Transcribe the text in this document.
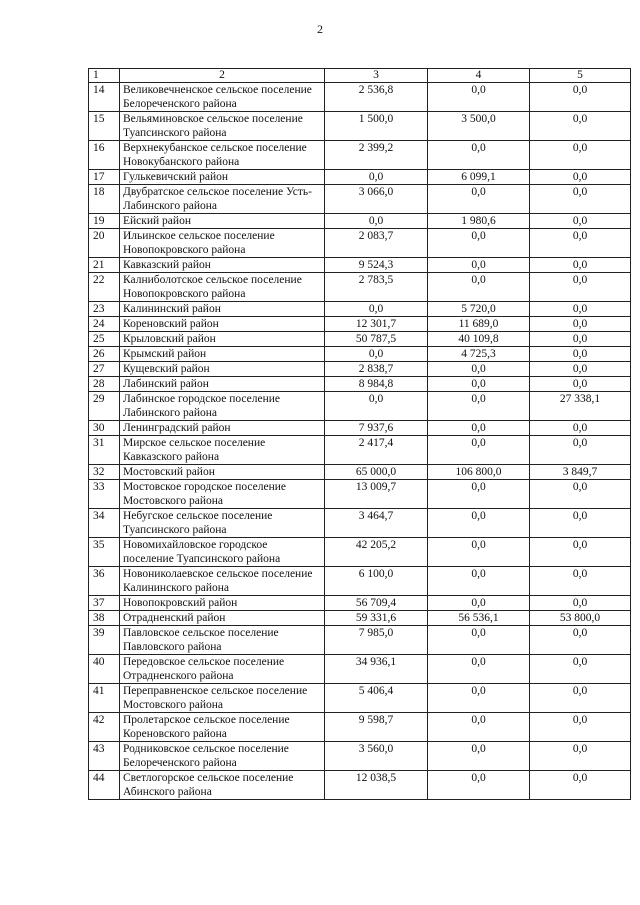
2
1	2	3	4	5
14	Великовечненское сельское поселение Белореченского района	2 536,8	0,0	0,0
15	Вельяминовское сельское поселение Туапсинского района	1 500,0	3 500,0	0,0
16	Верхнекубанское сельское поселение Новокубанского района	2 399,2	0,0	0,0
17	Гулькевичский район	0,0	6 099,1	0,0
18	Двубратское сельское поселение Усть-Лабинского района	3 066,0	0,0	0,0
19	Ейский район	0,0	1 980,6	0,0
20	Ильинское сельское поселение Новопокровского района	2 083,7	0,0	0,0
21	Кавказский район	9 524,3	0,0	0,0
22	Калниболотское сельское поселение Новопокровского района	2 783,5	0,0	0,0
23	Калининский район	0,0	5 720,0	0,0
24	Кореновский район	12 301,7	11 689,0	0,0
25	Крыловский район	50 787,5	40 109,8	0,0
26	Крымский район	0,0	4 725,3	0,0
27	Кущевский район	2 838,7	0,0	0,0
28	Лабинский район	8 984,8	0,0	0,0
29	Лабинское городское поселение Лабинского района	0,0	0,0	27 338,1
30	Ленинградский район	7 937,6	0,0	0,0
31	Мирское сельское поселение Кавказского района	2 417,4	0,0	0,0
32	Мостовский район	65 000,0	106 800,0	3 849,7
33	Мостовское городское поселение Мостовского района	13 009,7	0,0	0,0
34	Небугское сельское поселение Туапсинского района	3 464,7	0,0	0,0
35	Новомихайловское городское поселение Туапсинского района	42 205,2	0,0	0,0
36	Новониколаевское сельское поселение Калининского района	6 100,0	0,0	0,0
37	Новопокровский район	56 709,4	0,0	0,0
38	Отрадненский район	59 331,6	56 536,1	53 800,0
39	Павловское сельское поселение Павловского района	7 985,0	0,0	0,0
40	Передовское сельское поселение Отрадненского района	34 936,1	0,0	0,0
41	Переправненское сельское поселение Мостовского района	5 406,4	0,0	0,0
42	Пролетарское сельское поселение Кореновского района	9 598,7	0,0	0,0
43	Родниковское сельское поселение Белореченского района	3 560,0	0,0	0,0
44	Светлогорское сельское поселение Абинского района	12 038,5	0,0	0,0
